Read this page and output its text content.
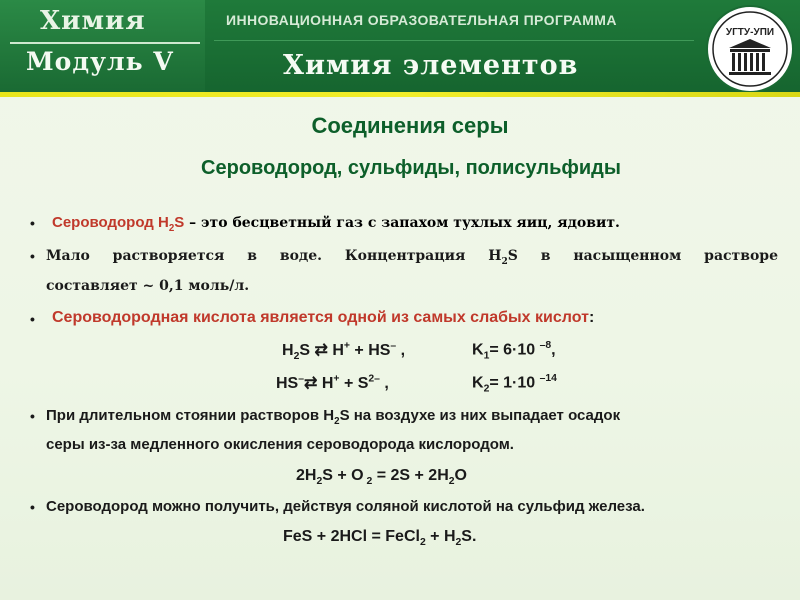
Химия
Модуль V
ИННОВАЦИОННАЯ ОБРАЗОВАТЕЛЬНАЯ ПРОГРАММА
Химия элементов
УГТУ-УПИ
Соединения серы
Сероводород, сульфиды, полисульфиды
• Сероводород $H_2S$ – это бесцветный газ с запахом тухлых яиц, ядовит.
• Мало растворяется в воде. Концентрация $H_2S$ в насыщенном растворе
составляет ~ 0,1 моль/л.
• Сероводородная кислота является одной из самых слабых кислот:
$H_2S$ ⇄ H+ + HS– ,	$K_1= 6\cdot 10$ $^{-8}$,
HS–⇄ $H^+ + S^{2-}$ ,	$K_2= 1\cdot 10$ $^{-14}$
• При длительном стоянии растворов $H_2S$ на воздухе из них выпадает осадок
серы из-за медленного окисления сероводорода кислородом.
$2H_2S + O$ $_2 = 2S + 2H_2O$
• Сероводород можно получить, действуя соляной кислотой на сульфид железа.
FeS + 2HCl = FeCl$_2$ + $H_2S$.
